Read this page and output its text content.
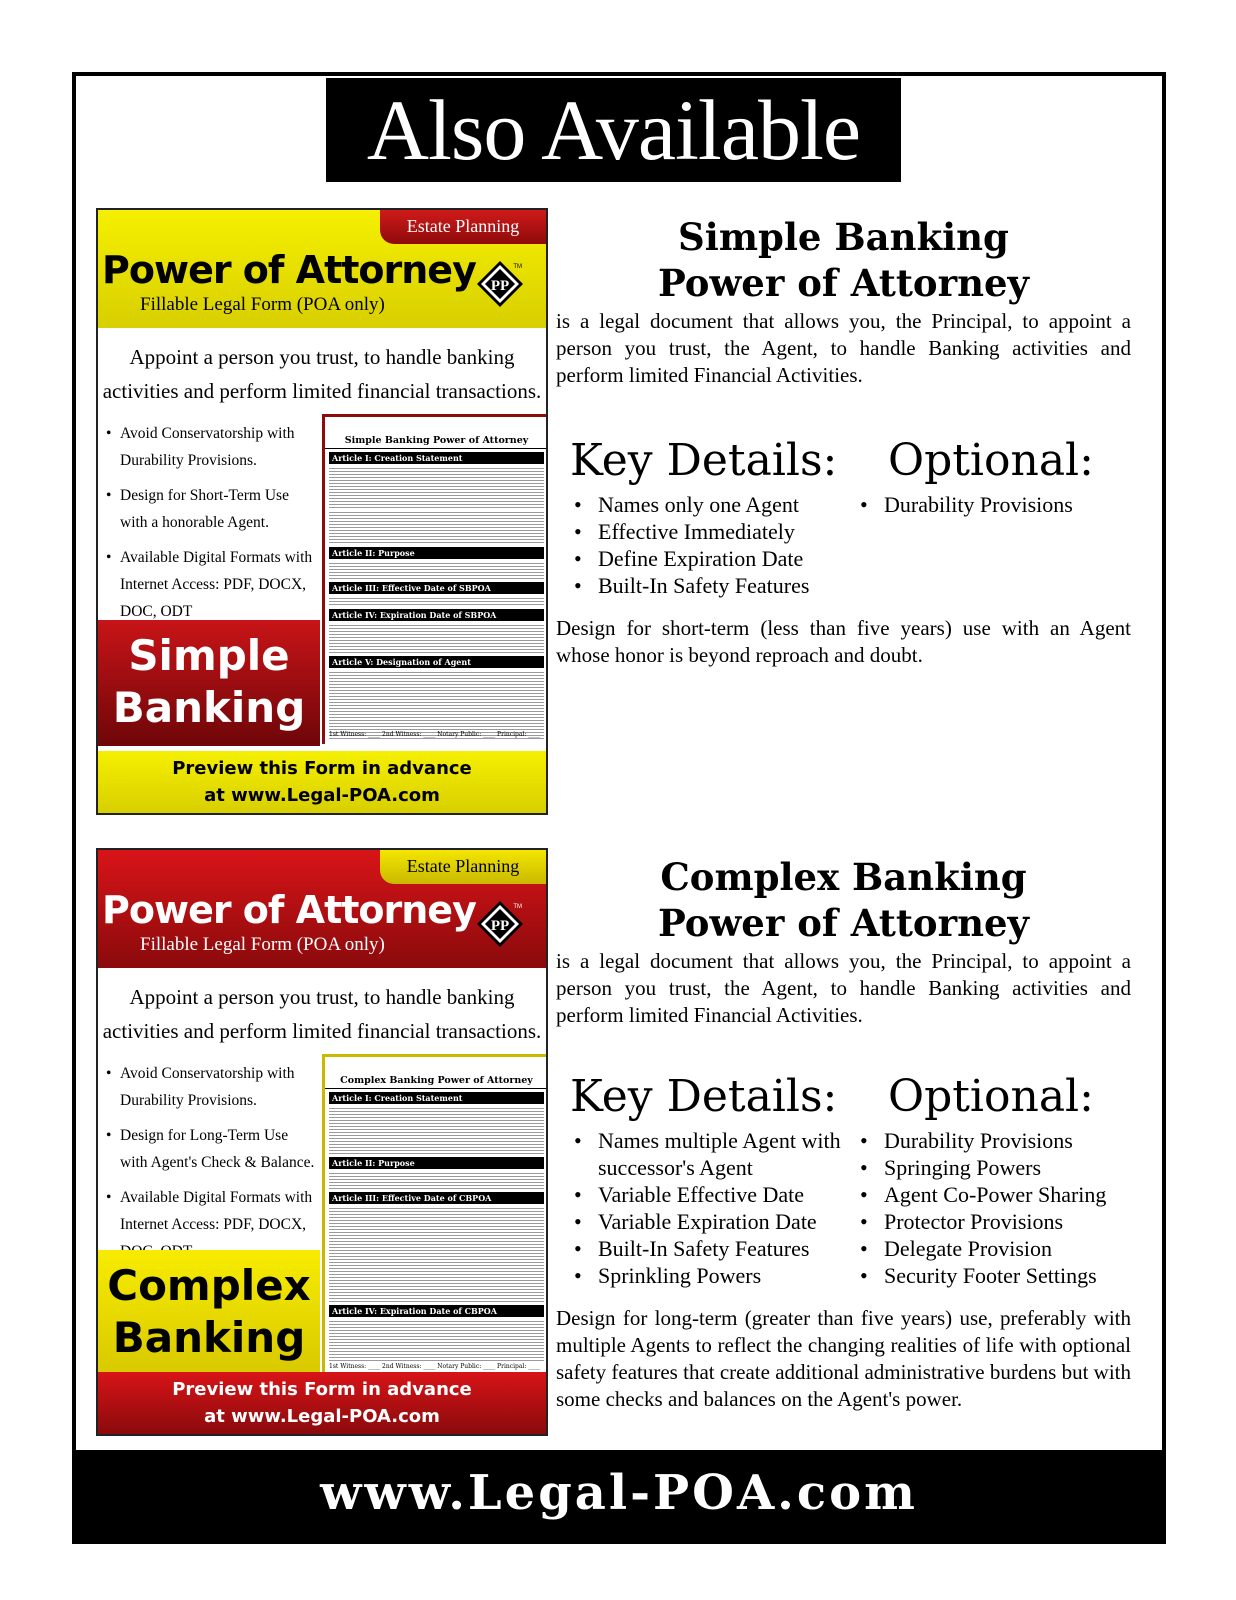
Also Available
Estate Planning
Power of Attorney
Fillable Legal Form (POA only)
PP
TM
Appoint a person you trust, to handle banking activities and perform limited financial transactions.
• Avoid Conservatorship with Durability Provisions.
• Design for Short-Term Use with a honorable Agent.
• Available Digital Formats with Internet Access: PDF, DOCX, DOC, ODT
Simple Banking Power of Attorney
Article I: Creation Statement
Article II: Purpose
Article III: Effective Date of SBPOA
Article IV: Expiration Date of SBPOA
Article V: Designation of Agent
1st Witness: ____ 2nd Witness: ____ Notary Public: ____ Principal: ____
Simple
Banking
Preview this Form in advance
at www.Legal-POA.com
Simple Banking
Power of Attorney

is a legal document that allows you, the Principal, to appoint a person you trust, the Agent, to handle Banking activities and perform limited Financial Activities.

Key Details:
• Names only one Agent
• Effective Immediately
• Define Expiration Date
• Built-In Safety Features
Optional:
• Durability Provisions

Design for short-term (less than five years) use with an Agent whose honor is beyond reproach and doubt.

Estate Planning
Power of Attorney
Fillable Legal Form (POA only)
PP
TM
Appoint a person you trust, to handle banking activities and perform limited financial transactions.
• Avoid Conservatorship with Durability Provisions.
• Design for Long-Term Use with Agent's Check & Balance.
• Available Digital Formats with Internet Access: PDF, DOCX,
Complex Banking Power of Attorney
Article I: Creation Statement
Article II: Purpose
Article III: Effective Date of CBPOA
Article IV: Expiration Date of CBPOA
1st Witness: ____ 2nd Witness: ____ Notary Public: ____ Principal: ____
Complex
Banking
Preview this Form in advance
at www.Legal-POA.com
Complex Banking
Power of Attorney

is a legal document that allows you, the Principal, to appoint a person you trust, the Agent, to handle Banking activities and perform limited Financial Activities.

Key Details:
• Names multiple Agent with successor's Agent
• Variable Effective Date
• Variable Expiration Date
• Built-In Safety Features
• Sprinkling Powers
Optional:
• Durability Provisions
• Springing Powers
• Agent Co-Power Sharing
• Protector Provisions
• Delegate Provision
• Security Footer Settings

Design for long-term (greater than five years) use, preferably with multiple Agents to reflect the changing realities of life with optional safety features that create additional administrative burdens but with some checks and balances on the Agent's power.

www.Legal-POA.com
